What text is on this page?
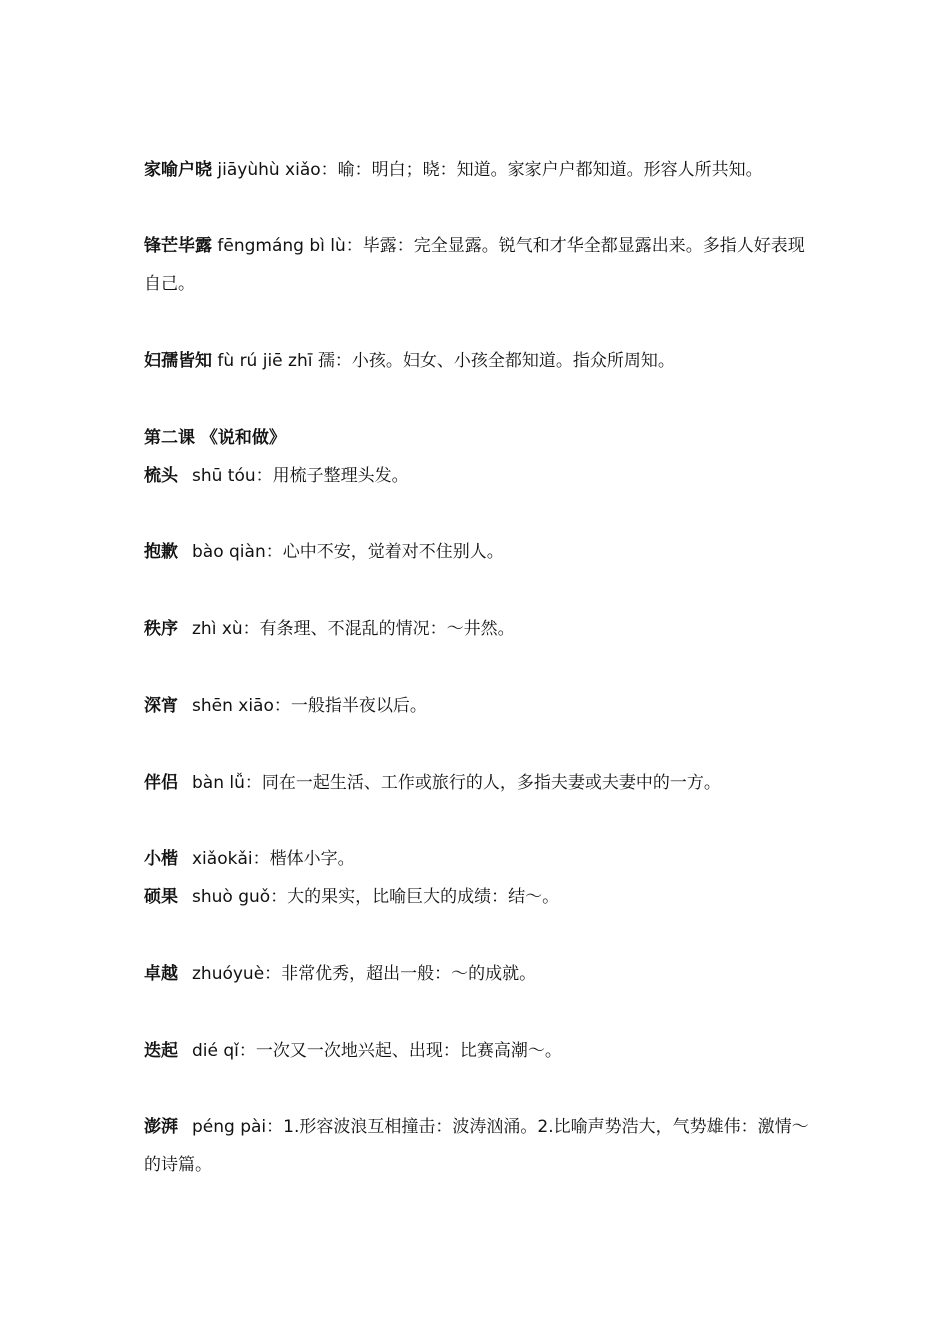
家喻户晓 jiāyùhù xiǎo：喻：明白；晓：知道。家家户户都知道。形容人所共知。
锋芒毕露 fēngmáng bì lù：毕露：完全显露。锐气和才华全都显露出来。多指人好表现自己。
妇孺皆知 fù rú jiē zhī 孺：小孩。妇女、小孩全都知道。指众所周知。
第二课 《说和做》
梳头 shū tóu：用梳子整理头发。
抱歉 bào qiàn：心中不安，觉着对不住别人。
秩序 zhì xù：有条理、不混乱的情况：～井然。
深宵 shēn xiāo：一般指半夜以后。
伴侣 bàn lǚ：同在一起生活、工作或旅行的人，多指夫妻或夫妻中的一方。
小楷 xiǎokǎi：楷体小字。
硕果 shuò guǒ：大的果实，比喻巨大的成绩：结～。
卓越 zhuóyuè：非常优秀，超出一般：～的成就。
迭起 dié qǐ：一次又一次地兴起、出现：比赛高潮～。
澎湃 péng pài：1.形容波浪互相撞击：波涛汹涌。2.比喻声势浩大，气势雄伟：激情～的诗篇。
